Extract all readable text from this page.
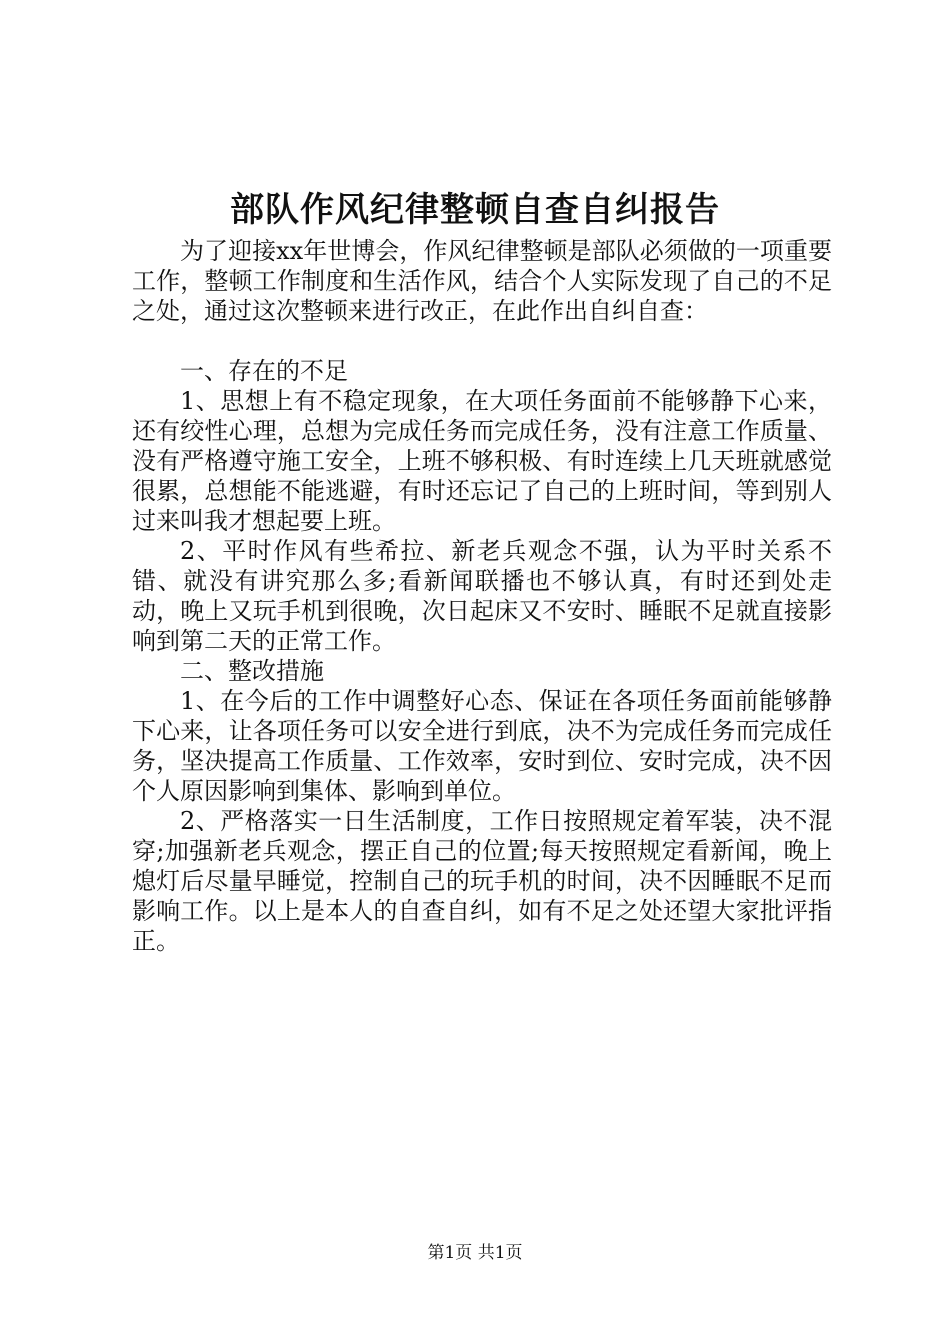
部队作风纪律整顿自查自纠报告

为了迎接xx年世博会，作风纪律整顿是部队必须做的一项重要工作，整顿工作制度和生活作风，结合个人实际发现了自己的不足之处，通过这次整顿来进行改正，在此作出自纠自查：

一、存在的不足

1、思想上有不稳定现象，在大项任务面前不能够静下心来，还有绞性心理，总想为完成任务而完成任务，没有注意工作质量、没有严格遵守施工安全，上班不够积极、有时连续上几天班就感觉很累，总想能不能逃避，有时还忘记了自己的上班时间，等到别人过来叫我才想起要上班。

2、平时作风有些希拉、新老兵观念不强，认为平时关系不错、就没有讲究那么多;看新闻联播也不够认真，有时还到处走动，晚上又玩手机到很晚，次日起床又不安时、睡眠不足就直接影响到第二天的正常工作。

二、整改措施

1、在今后的工作中调整好心态、保证在各项任务面前能够静下心来，让各项任务可以安全进行到底，决不为完成任务而完成任务，坚决提高工作质量、工作效率，安时到位、安时完成，决不因个人原因影响到集体、影响到单位。

2、严格落实一日生活制度，工作日按照规定着军装，决不混穿;加强新老兵观念，摆正自己的位置;每天按照规定看新闻，晚上熄灯后尽量早睡觉，控制自己的玩手机的时间，决不因睡眠不足而影响工作。以上是本人的自查自纠，如有不足之处还望大家批评指正。

第1页 共1页
